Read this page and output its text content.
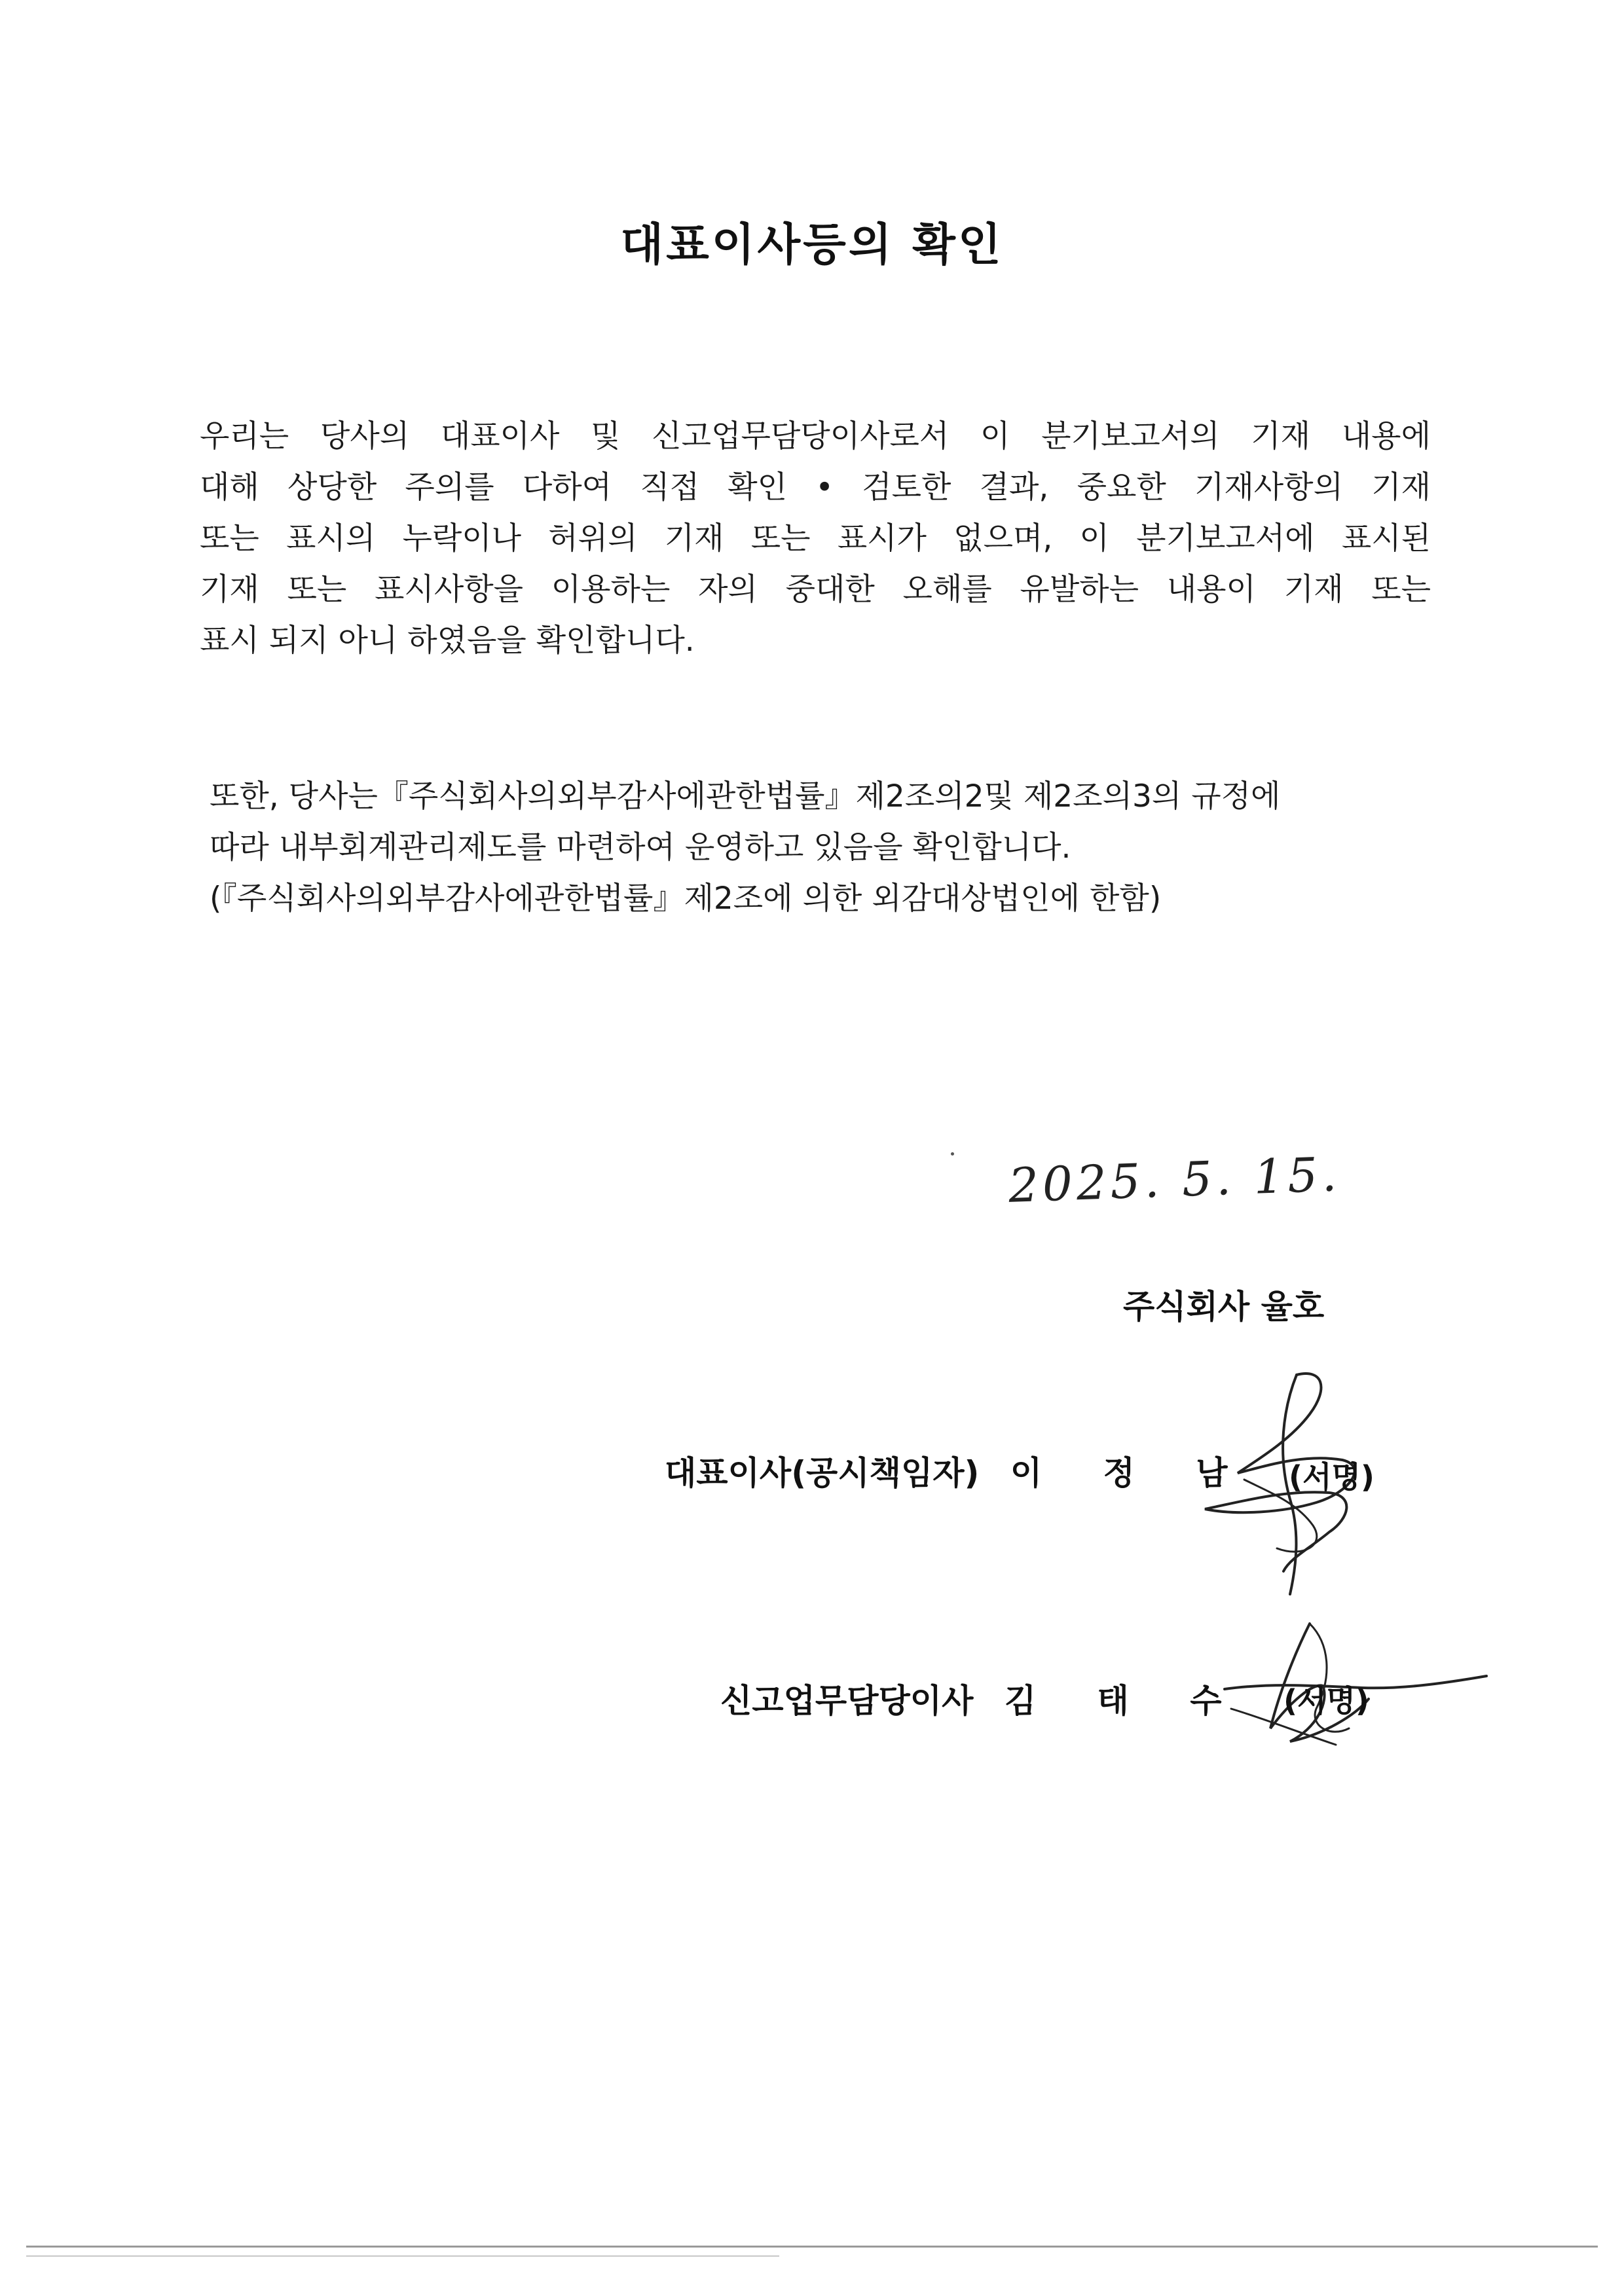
대표이사등의 확인
우리는 당사의 대표이사 및 신고업무담당이사로서 이 분기보고서의 기재 내용에
대해 상당한 주의를 다하여 직접 확인 • 검토한 결과, 중요한 기재사항의 기재
또는 표시의 누락이나 허위의 기재 또는 표시가 없으며, 이 분기보고서에 표시된
기재 또는 표시사항을 이용하는 자의 중대한 오해를 유발하는 내용이 기재 또는
표시 되지 아니 하였음을 확인합니다.
또한, 당사는『주식회사의외부감사에관한법률』제2조의2및 제2조의3의 규정에
따라 내부회계관리제도를 마련하여 운영하고 있음을 확인합니다.
(『주식회사의외부감사에관한법률』제2조에 의한 외감대상법인에 한함)
2025. 5. 15.
주식회사 율호
대표이사(공시책임자) 이 정 남 (서명)
신고업무담당이사 김 태 수 (서명)
